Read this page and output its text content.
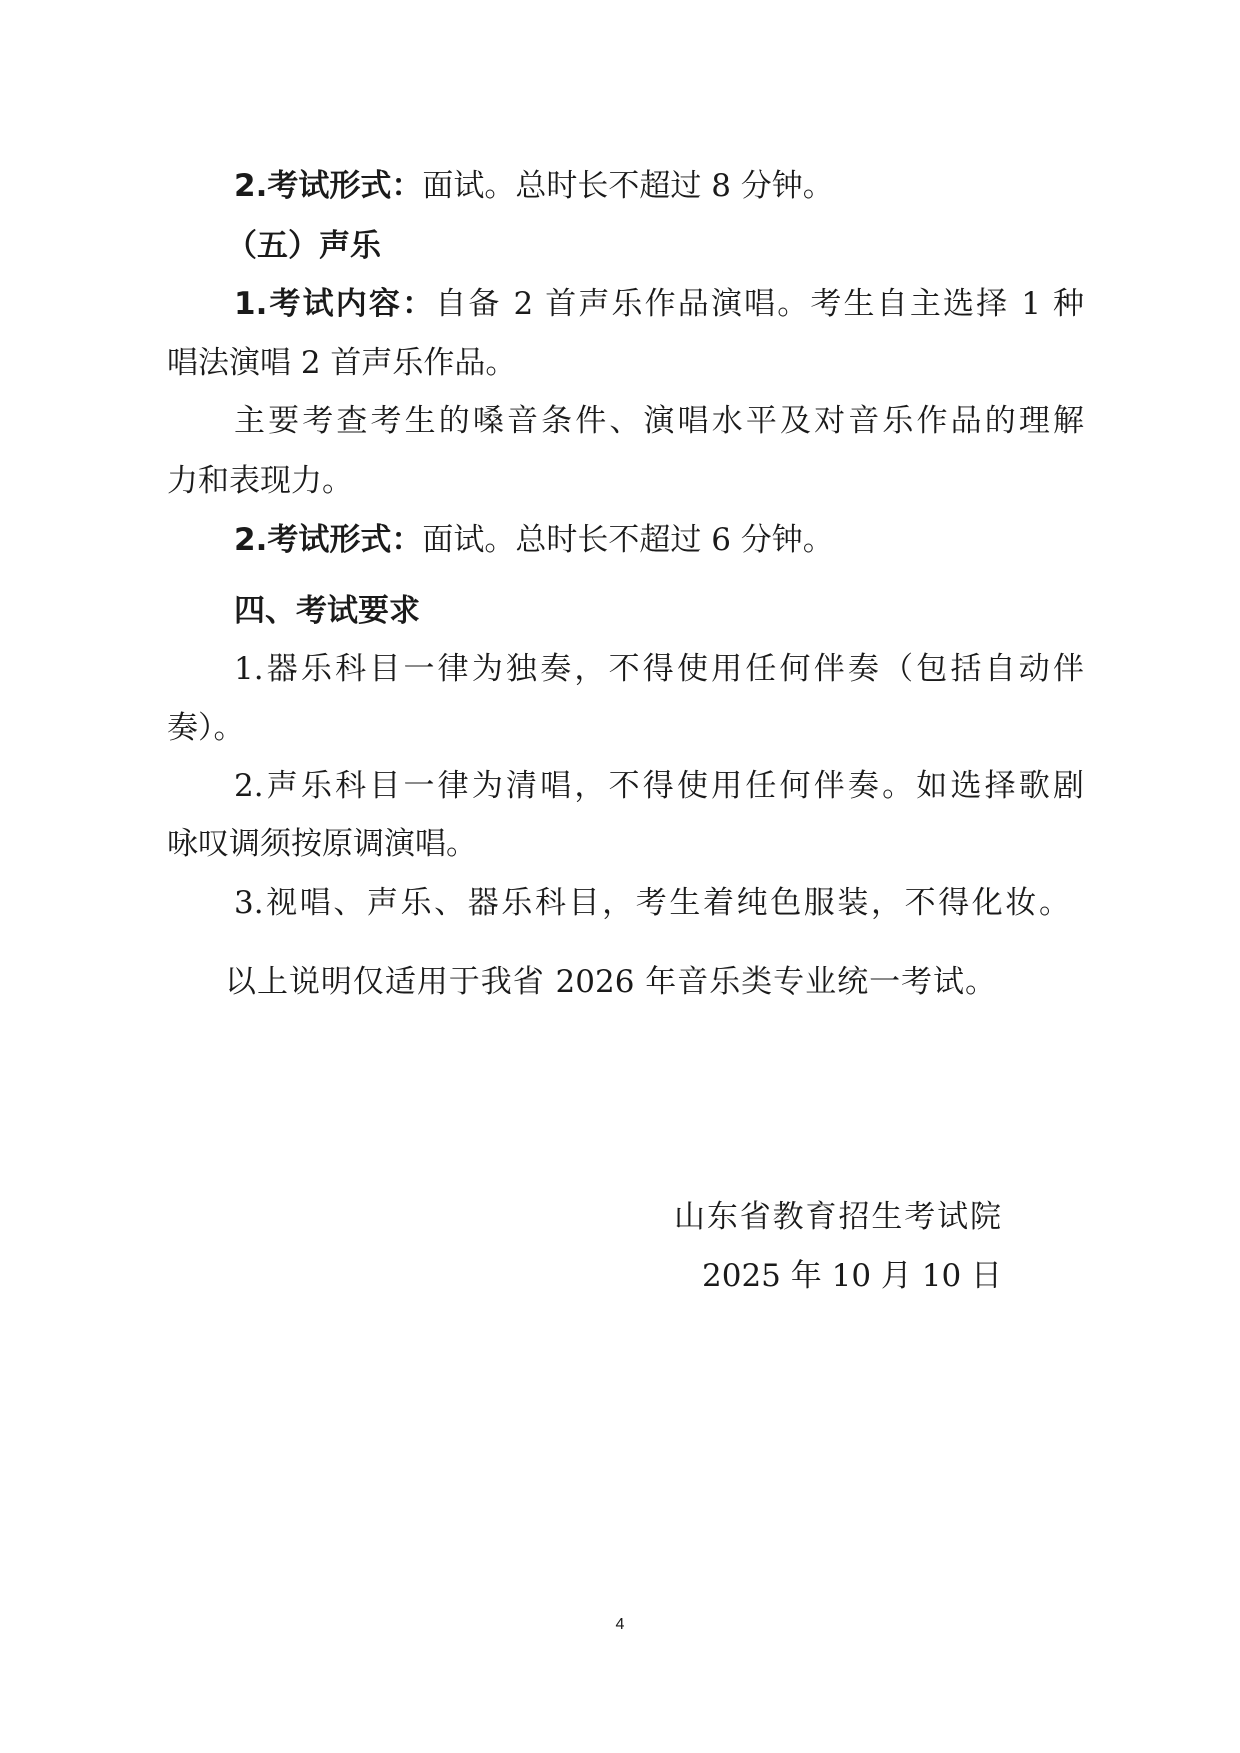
2.考试形式：面试。总时长不超过 8 分钟。
（五）声乐
1.考试内容：自备 2 首声乐作品演唱。考生自主选择 1 种
唱法演唱 2 首声乐作品。
主要考查考生的嗓音条件、演唱水平及对音乐作品的理解
力和表现力。
2.考试形式：面试。总时长不超过 6 分钟。
四、考试要求
1.器乐科目一律为独奏，不得使用任何伴奏（包括自动伴
奏）。
2.声乐科目一律为清唱，不得使用任何伴奏。如选择歌剧
咏叹调须按原调演唱。
3.视唱、声乐、器乐科目，考生着纯色服装，不得化妆。
以上说明仅适用于我省 2026 年音乐类专业统一考试。
山东省教育招生考试院
2025 年 10 月 10 日
4
